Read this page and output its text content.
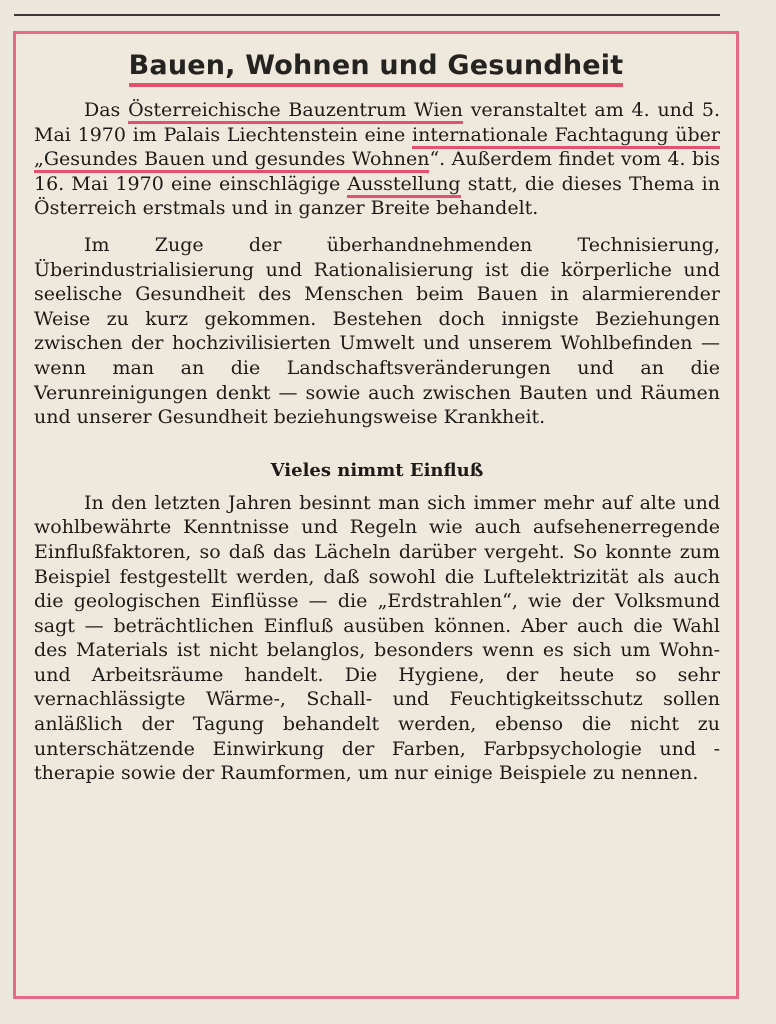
Bauen, Wohnen und Gesundheit

Das Österreichische Bauzentrum Wien veranstaltet am 4. und 5. Mai 1970 im Palais Liechtenstein eine internationale Fachtagung über „Gesundes Bauen und gesundes Wohnen“. Außerdem findet vom 4. bis 16. Mai 1970 eine einschlägige Ausstellung statt, die dieses Thema in Österreich erstmals und in ganzer Breite behandelt.

Im Zuge der überhandnehmenden Technisierung, Überindustrialisierung und Rationalisierung ist die körperliche und seelische Gesundheit des Menschen beim Bauen in alarmierender Weise zu kurz gekommen. Bestehen doch innigste Beziehungen zwischen der hochzivilisierten Umwelt und unserem Wohlbefinden — wenn man an die Landschaftsveränderungen und an die Verunreinigungen denkt — sowie auch zwischen Bauten und Räumen und unserer Gesundheit beziehungsweise Krankheit.

Vieles nimmt Einfluß

In den letzten Jahren besinnt man sich immer mehr auf alte und wohlbewährte Kenntnisse und Regeln wie auch aufsehenerregende Einflußfaktoren, so daß das Lächeln darüber vergeht. So konnte zum Beispiel festgestellt werden, daß sowohl die Luftelektrizität als auch die geologischen Einflüsse — die „Erdstrahlen“, wie der Volksmund sagt — beträchtlichen Einfluß ausüben können. Aber auch die Wahl des Materials ist nicht belanglos, besonders wenn es sich um Wohn- und Arbeitsräume handelt. Die Hygiene, der heute so sehr vernachlässigte Wärme-, Schall- und Feuchtigkeitsschutz sollen anläßlich der Tagung behandelt werden, ebenso die nicht zu unterschätzende Einwirkung der Farben, Farbpsychologie und -therapie sowie der Raumformen, um nur einige Beispiele zu nennen.
